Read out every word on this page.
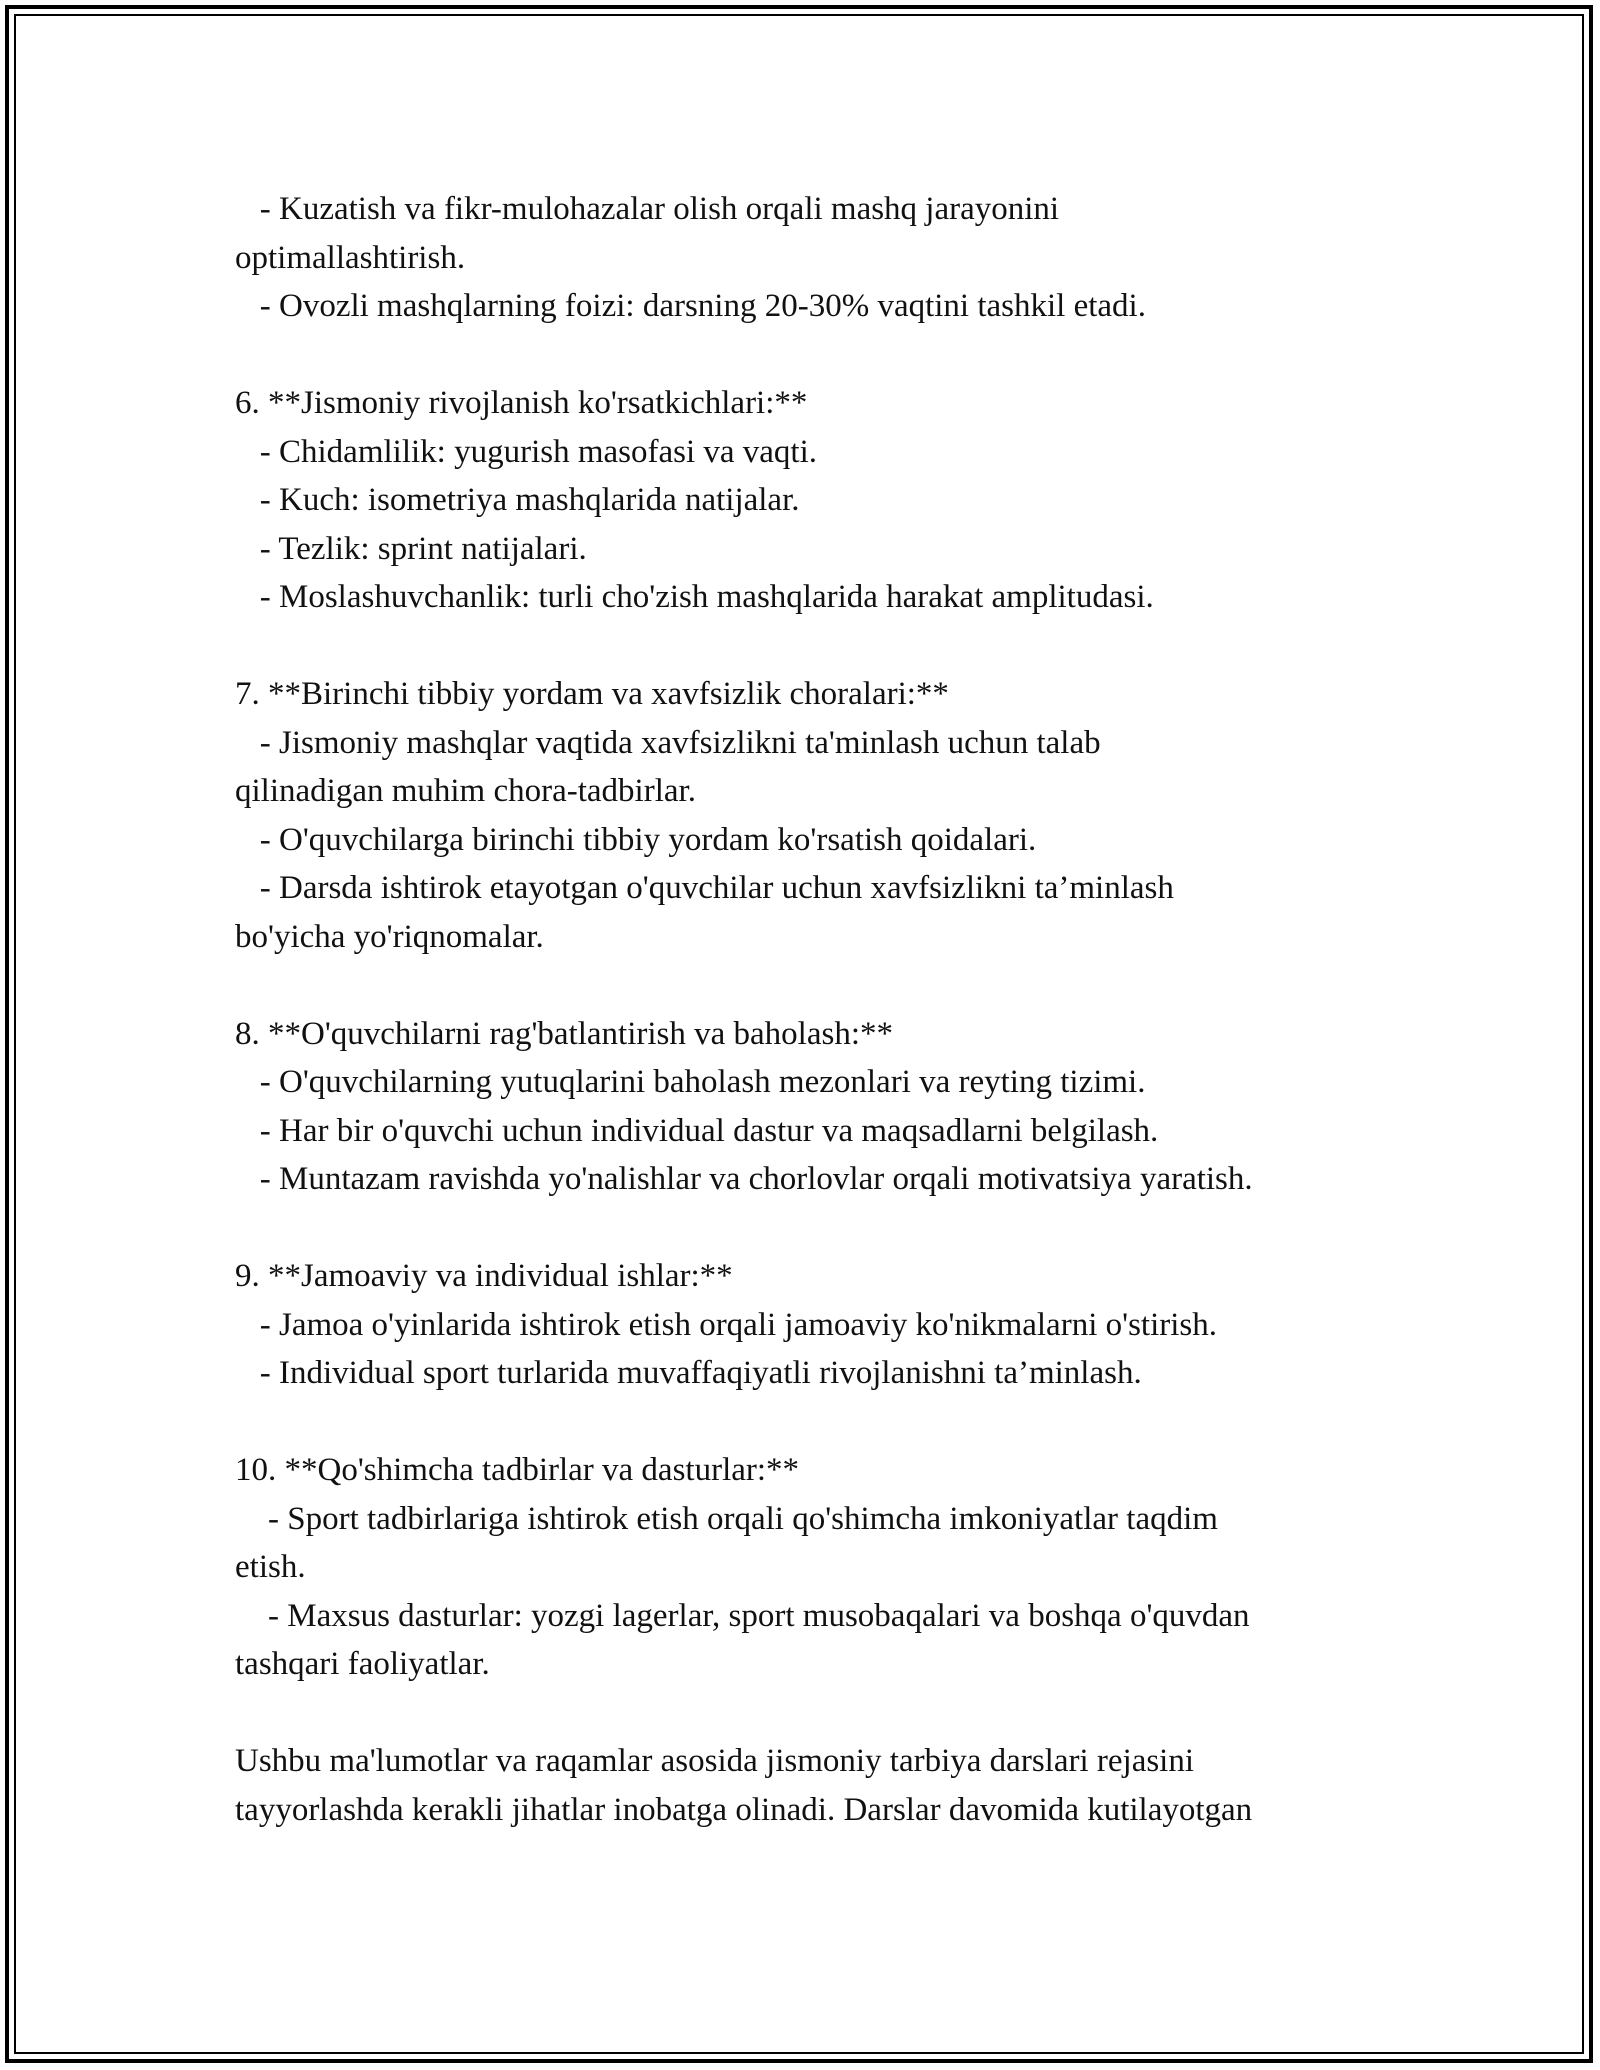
- Kuzatish va fikr-mulohazalar olish orqali mashq jarayonini
optimallashtirish.
- Ovozli mashqlarning foizi: darsning 20-30% vaqtini tashkil etadi.
6. **Jismoniy rivojlanish ko'rsatkichlari:**
- Chidamlilik: yugurish masofasi va vaqti.
- Kuch: isometriya mashqlarida natijalar.
- Tezlik: sprint natijalari.
- Moslashuvchanlik: turli cho'zish mashqlarida harakat amplitudasi.
7. **Birinchi tibbiy yordam va xavfsizlik choralari:**
- Jismoniy mashqlar vaqtida xavfsizlikni ta'minlash uchun talab
qilinadigan muhim chora-tadbirlar.
- O'quvchilarga birinchi tibbiy yordam ko'rsatish qoidalari.
- Darsda ishtirok etayotgan o'quvchilar uchun xavfsizlikni ta’minlash
bo'yicha yo'riqnomalar.
8. **O'quvchilarni rag'batlantirish va baholash:**
- O'quvchilarning yutuqlarini baholash mezonlari va reyting tizimi.
- Har bir o'quvchi uchun individual dastur va maqsadlarni belgilash.
- Muntazam ravishda yo'nalishlar va chorlovlar orqali motivatsiya yaratish.
9. **Jamoaviy va individual ishlar:**
- Jamoa o'yinlarida ishtirok etish orqali jamoaviy ko'nikmalarni o'stirish.
- Individual sport turlarida muvaffaqiyatli rivojlanishni ta’minlash.
10. **Qo'shimcha tadbirlar va dasturlar:**
- Sport tadbirlariga ishtirok etish orqali qo'shimcha imkoniyatlar taqdim
etish.
- Maxsus dasturlar: yozgi lagerlar, sport musobaqalari va boshqa o'quvdan
tashqari faoliyatlar.
Ushbu ma'lumotlar va raqamlar asosida jismoniy tarbiya darslari rejasini
tayyorlashda kerakli jihatlar inobatga olinadi. Darslar davomida kutilayotgan
